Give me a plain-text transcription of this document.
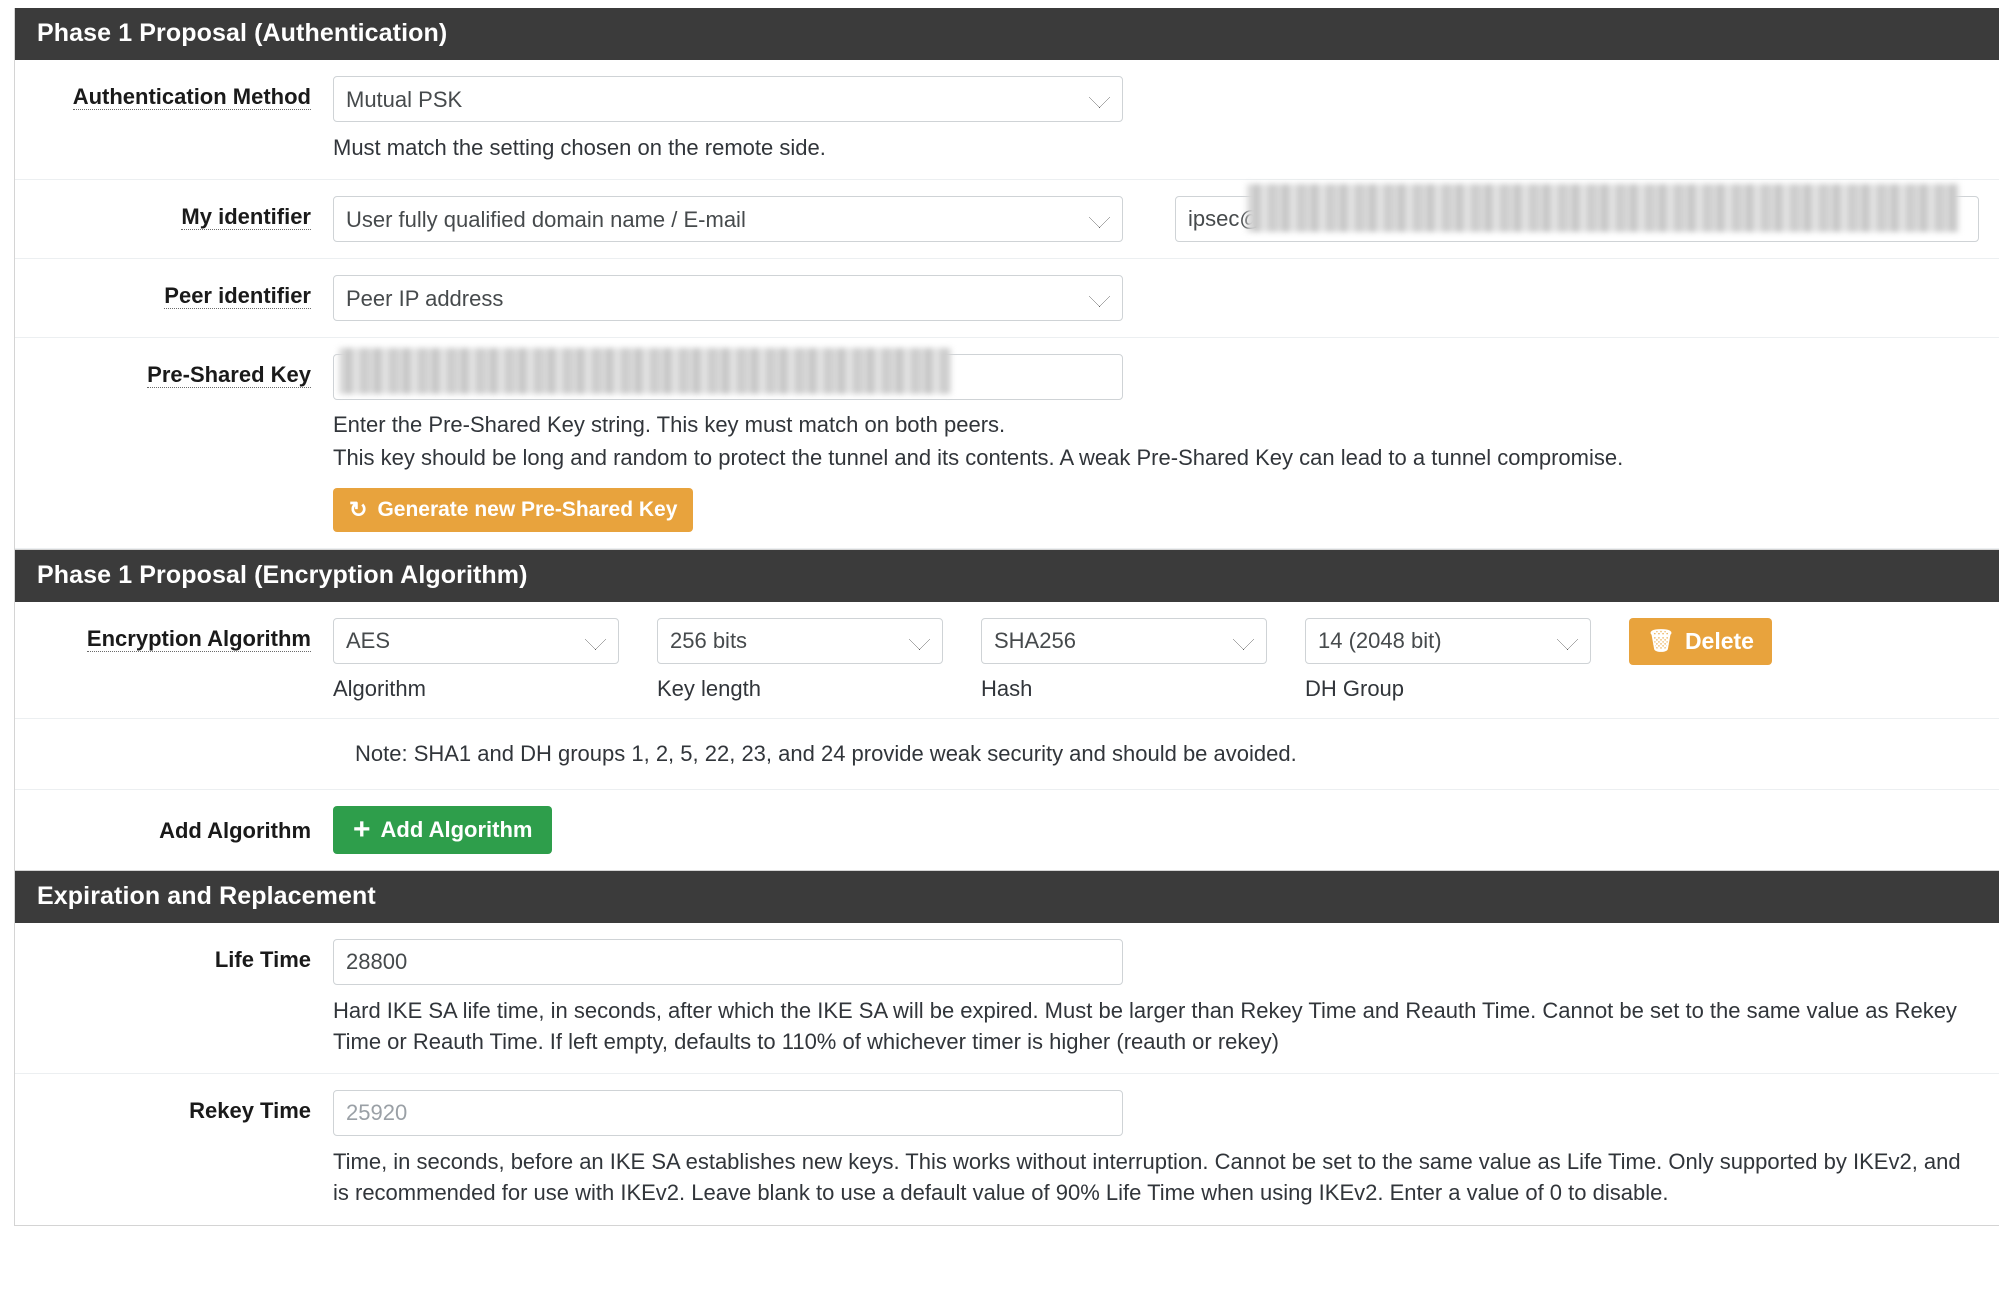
Phase 1 Proposal (Authentication)
Authentication Method
Mutual PSK
Must match the setting chosen on the remote side.
My identifier
User fully qualified domain name / E-mail
ipsec@
Peer identifier
Peer IP address
Pre-Shared Key
Enter the Pre-Shared Key string. This key must match on both peers.
This key should be long and random to protect the tunnel and its contents. A weak Pre-Shared Key can lead to a tunnel compromise.
↻ Generate new Pre-Shared Key
Phase 1 Proposal (Encryption Algorithm)
Encryption Algorithm
AES
Algorithm
256 bits	Key length
SHA256	Hash
14 (2048 bit)	DH Group
🗑 Delete
Note: SHA1 and DH groups 1, 2, 5, 22, 23, and 24 provide weak security and should be avoided.
Add Algorithm	+ Add Algorithm
Expiration and Replacement
Life Time
28800
Hard IKE SA life time, in seconds, after which the IKE SA will be expired. Must be larger than Rekey Time and Reauth Time. Cannot be set to the same value as Rekey Time or Reauth Time. If left empty, defaults to 110% of whichever timer is higher (reauth or rekey)
Rekey Time
25920
Time, in seconds, before an IKE SA establishes new keys. This works without interruption. Cannot be set to the same value as Life Time. Only supported by IKEv2, and is recommended for use with IKEv2. Leave blank to use a default value of 90% Life Time when using IKEv2. Enter a value of 0 to disable.
